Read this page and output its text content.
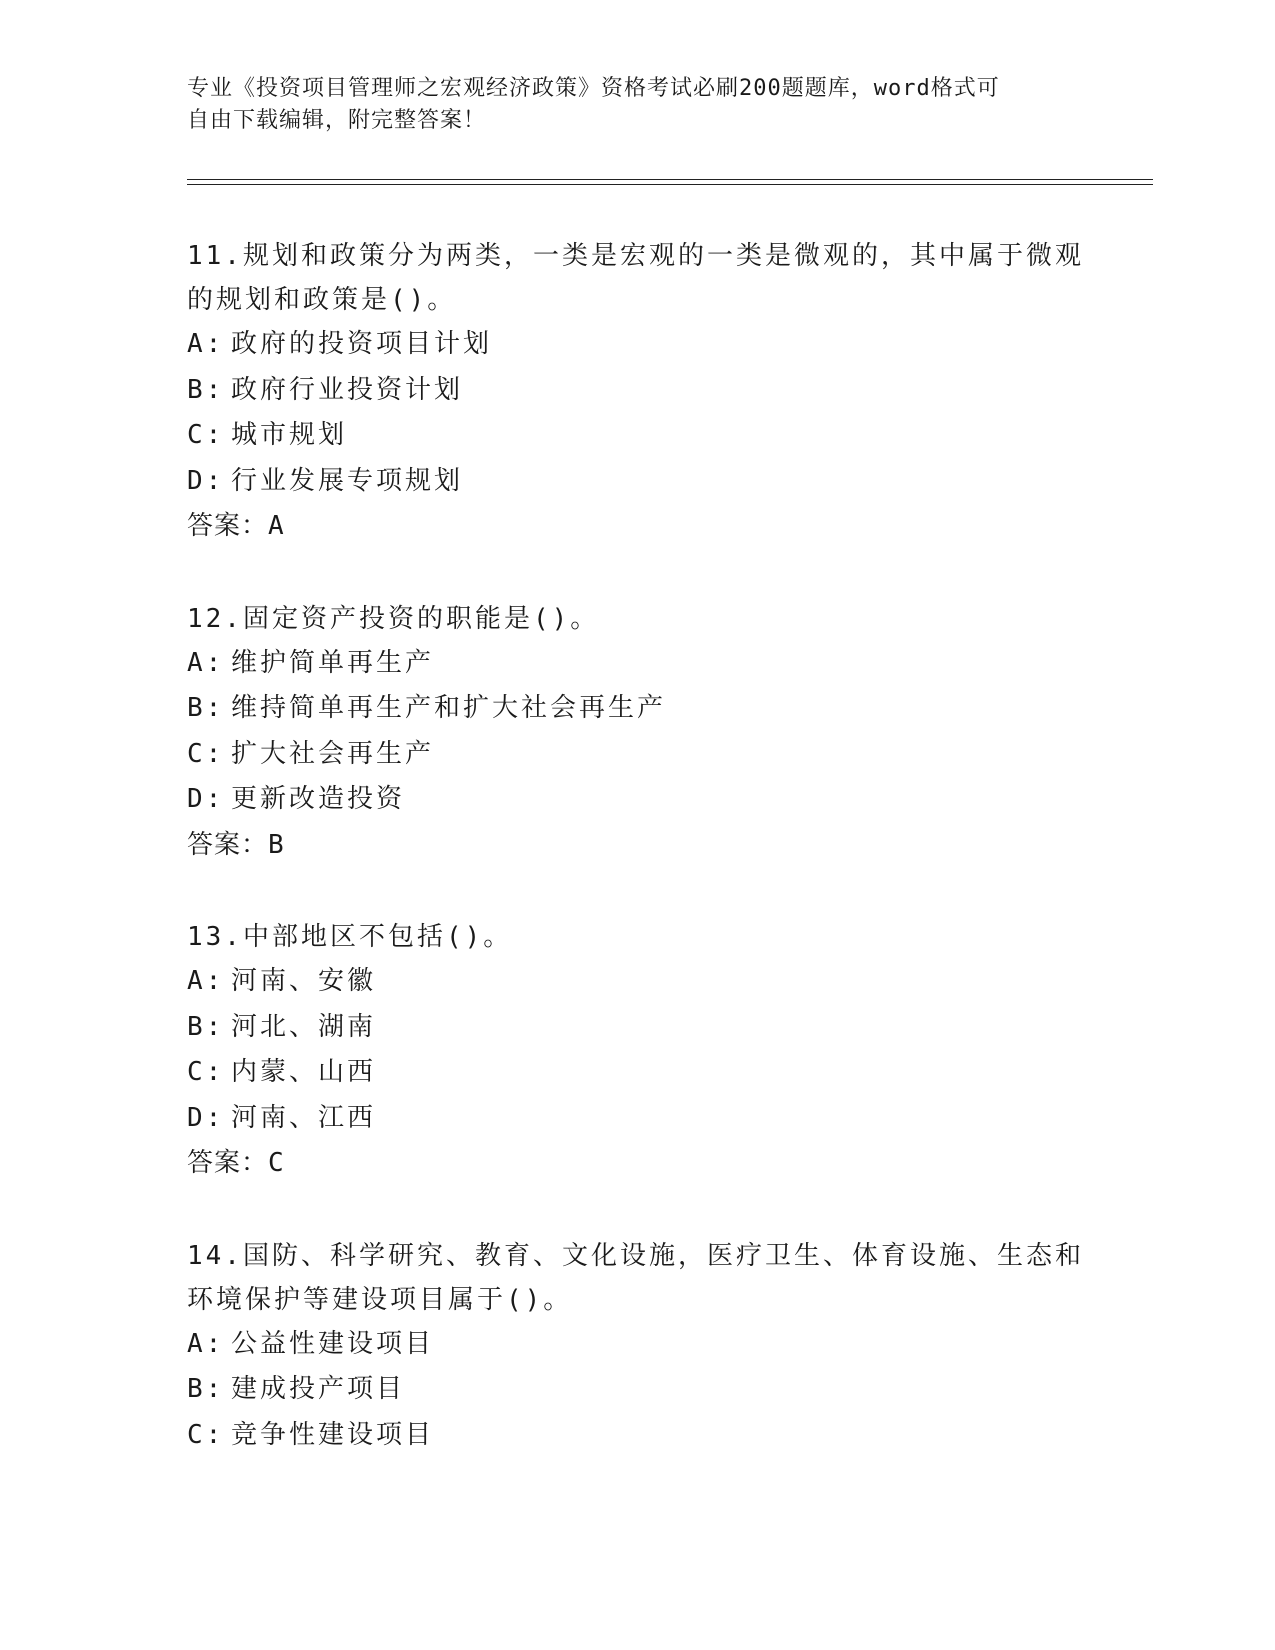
专业《投资项目管理师之宏观经济政策》资格考试必刷200题题库，word格式可
自由下载编辑，附完整答案！
11.规划和政策分为两类，一类是宏观的一类是微观的，其中属于微观
的规划和政策是()。
A: 政府的投资项目计划
B: 政府行业投资计划
C: 城市规划
D: 行业发展专项规划
答案：A
12.固定资产投资的职能是()。
A: 维护简单再生产
B: 维持简单再生产和扩大社会再生产
C: 扩大社会再生产
D: 更新改造投资
答案：B
13.中部地区不包括()。
A: 河南、安徽
B: 河北、湖南
C: 内蒙、山西
D: 河南、江西
答案：C
14.国防、科学研究、教育、文化设施，医疗卫生、体育设施、生态和
环境保护等建设项目属于()。
A: 公益性建设项目
B: 建成投产项目
C: 竞争性建设项目
